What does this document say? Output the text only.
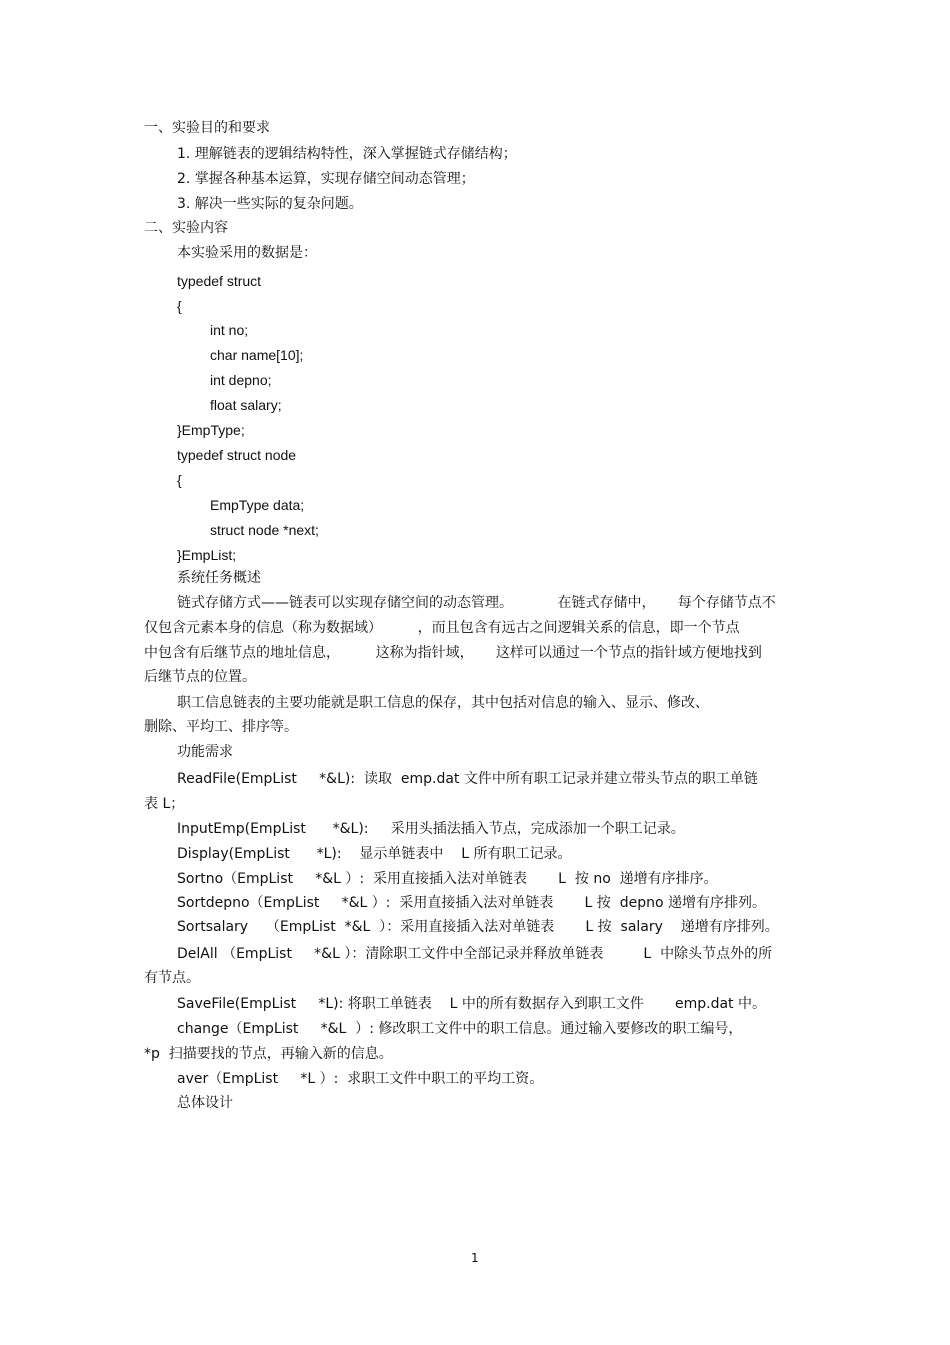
一、实验目的和要求
1. 理解链表的逻辑结构特性，深入掌握链式存储结构；
2. 掌握各种基本运算，实现存储空间动态管理；
3. 解决一些实际的复杂问题。
二、实验内容
本实验采用的数据是：
typedef struct
{
int no;
char name[10];
int depno;
float salary;
}EmpType;
typedef struct node
{
EmpType data;
struct node *next;
}EmpList;
系统任务概述
链式存储方式——链表可以实现存储空间的动态管理。          在链式存储中，     每个存储节点不
仅包含元素本身的信息（称为数据域）        ，而且包含有远古之间逻辑关系的信息，即一个节点
中包含有后继节点的地址信息，        这称为指针域，     这样可以通过一个节点的指针域方便地找到
后继节点的位置。
职工信息链表的主要功能就是职工信息的保存，其中包括对信息的输入、显示、修改、
删除、平均工、排序等。
功能需求
ReadFile(EmpList     *&L):  读取  emp.dat 文件中所有职工记录并建立带头节点的职工单链
表 L；
InputEmp(EmpList      *&L):     采用头插法插入节点，完成添加一个职工记录。
Display(EmpList      *L):    显示单链表中    L 所有职工记录。
Sortno（EmpList     *&L ）:  采用直接插入法对单链表       L  按 no  递增有序排序。
Sortdepno（EmpList     *&L ）:  采用直接插入法对单链表       L 按  depno 递增有序排列。
Sortsalary    （EmpList  *&L  ）：采用直接插入法对单链表       L 按  salary    递增有序排列。
DelAll （EmpList     *&L ）：清除职工文件中全部记录并释放单链表         L  中除头节点外的所
有节点。
SaveFile(EmpList     *L): 将职工单链表    L 中的所有数据存入到职工文件       emp.dat 中。
change（EmpList     *&L  ）: 修改职工文件中的职工信息。通过输入要修改的职工编号，
*p  扫描要找的节点，再输入新的信息。
aver（EmpList     *L ）:  求职工文件中职工的平均工资。
总体设计
1
